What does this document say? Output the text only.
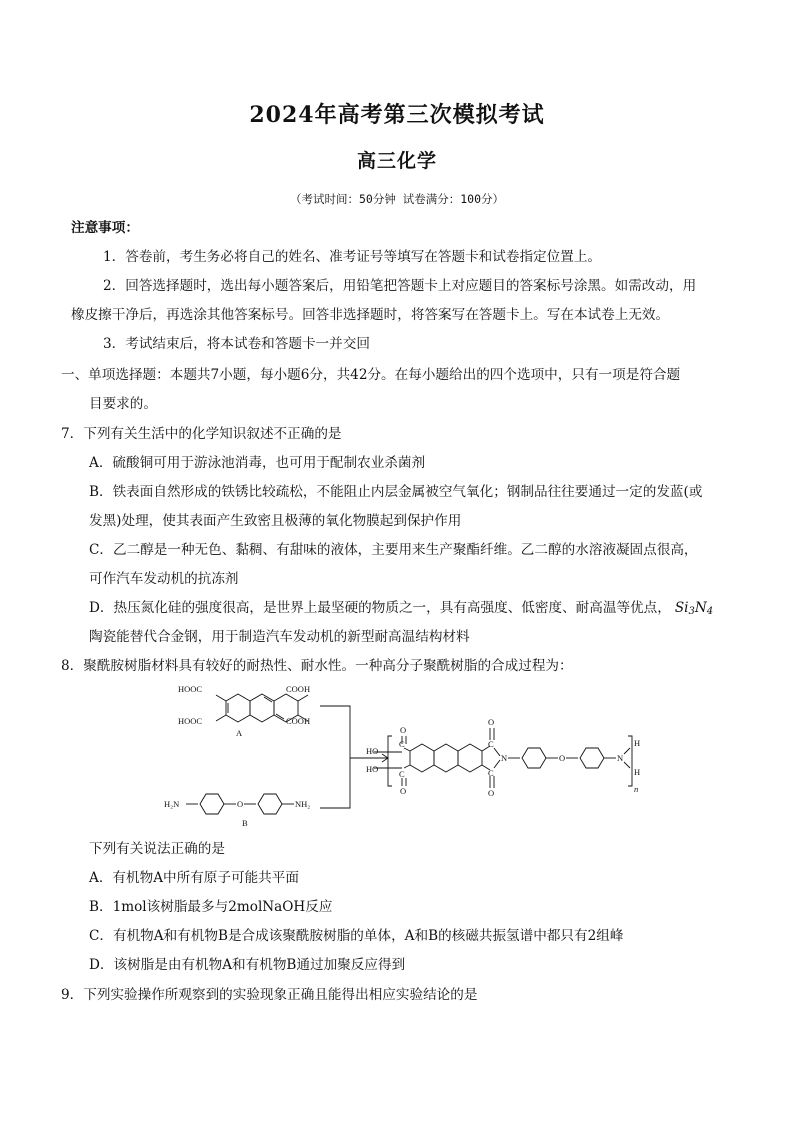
2024年高考第三次模拟考试
高三化学
（考试时间：50分钟 试卷满分：100分）
注意事项：
1．答卷前，考生务必将自己的姓名、准考证号等填写在答题卡和试卷指定位置上。
2．回答选择题时，选出每小题答案后，用铅笔把答题卡上对应题目的答案标号涂黑。如需改动，用
橡皮擦干净后，再选涂其他答案标号。回答非选择题时，将答案写在答题卡上。写在本试卷上无效。
3．考试结束后，将本试卷和答题卡一并交回
一、单项选择题：本题共7小题，每小题6分，共42分。在每小题给出的四个选项中，只有一项是符合题
目要求的。
7．下列有关生活中的化学知识叙述不正确的是
A．硫酸铜可用于游泳池消毒，也可用于配制农业杀菌剂
B．铁表面自然形成的铁锈比较疏松，不能阻止内层金属被空气氧化；钢制品往往要通过一定的发蓝(或
发黑)处理，使其表面产生致密且极薄的氧化物膜起到保护作用
C．乙二醇是一种无色、黏稠、有甜味的液体，主要用来生产聚酯纤维。乙二醇的水溶液凝固点很高，
可作汽车发动机的抗冻剂
D．热压氮化硅的强度很高，是世界上最坚硬的物质之一，具有高强度、低密度、耐高温等优点， $Si_3N_4$
陶瓷能替代合金钢，用于制造汽车发动机的新型耐高温结构材料
8．聚酰胺树脂材料具有较好的耐热性、耐水性。一种高分子聚酰树脂的合成过程为：
HOOC
HOOC
COOH
COOH
A
H₂N	O	NH₂
B
HO
HO
O
O
C
C
O
O
C
C
N	O	N
H
H
n
下列有关说法正确的是
A．有机物A中所有原子可能共平面
B．1mol该树脂最多与2molNaOH反应
C．有机物A和有机物B是合成该聚酰胺树脂的单体，A和B的核磁共振氢谱中都只有2组峰
D．该树脂是由有机物A和有机物B通过加聚反应得到
9．下列实验操作所观察到的实验现象正确且能得出相应实验结论的是
